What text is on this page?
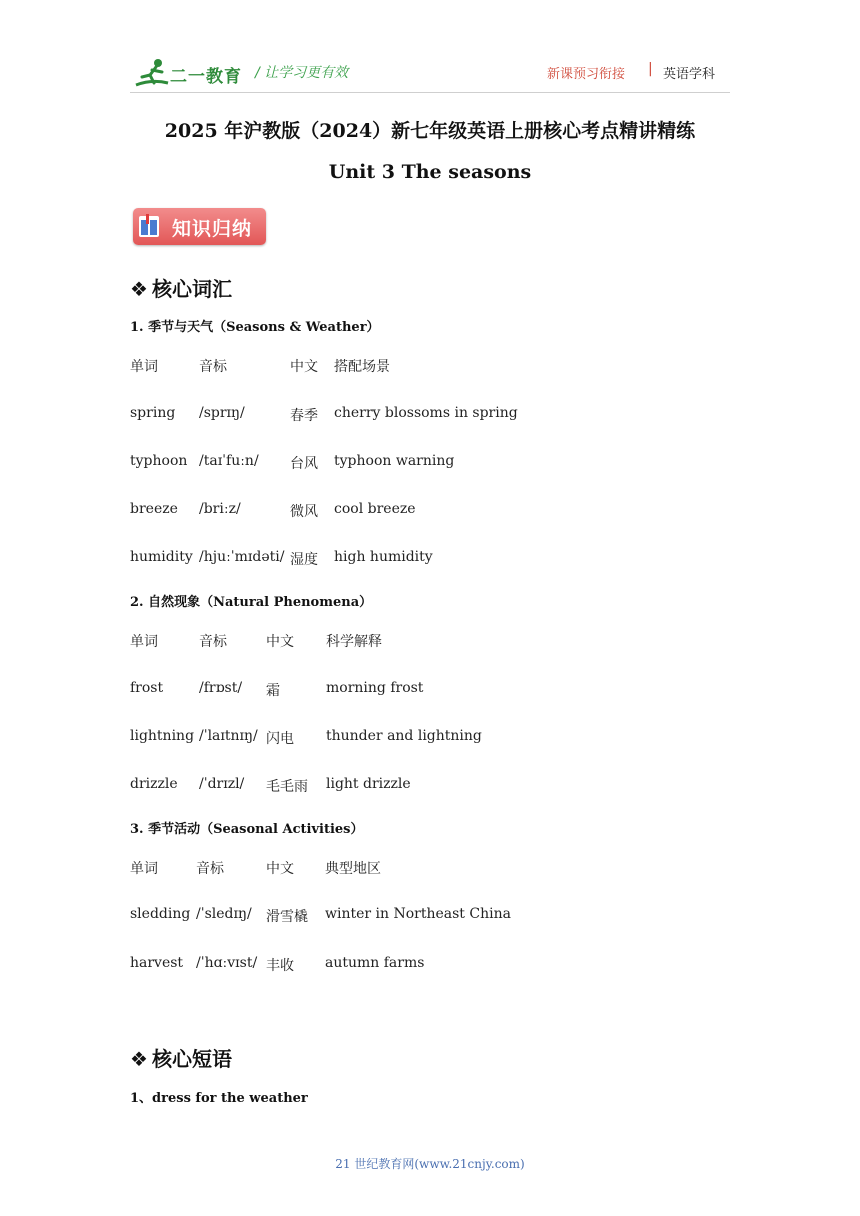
二一教育 / 让学习更有效	新课预习衔接 | 英语学科
2025 年沪教版（2024）新七年级英语上册核心考点精讲精练
Unit 3 The seasons
知识归纳
❖ 核心词汇
1. 季节与天气（Seasons & Weather）
单词	音标	中文 搭配场景
spring /sprɪŋ/	春季 cherry blossoms in spring
typhoon /taɪˈfuːn/ 台风 typhoon warning
breeze /briːz/	微风 cool breeze
humidity /hjuːˈmɪdəti/ 湿度 high humidity
2. 自然现象（Natural Phenomena）
单词	音标	中文 科学解释
frost	/frɒst/ 霜	morning frost
lightning /ˈlaɪtnɪŋ/ 闪电 thunder and lightning
drizzle /ˈdrɪzl/ 毛毛雨 light drizzle
3. 季节活动（Seasonal Activities）
单词	音标	中文 典型地区
sledding /ˈsledɪŋ/ 滑雪橇 winter in Northeast China
harvest /ˈhɑːvɪst/ 丰收 autumn farms
❖ 核心短语
1、dress for the weather
21 世纪教育网(www.21cnjy.com)
